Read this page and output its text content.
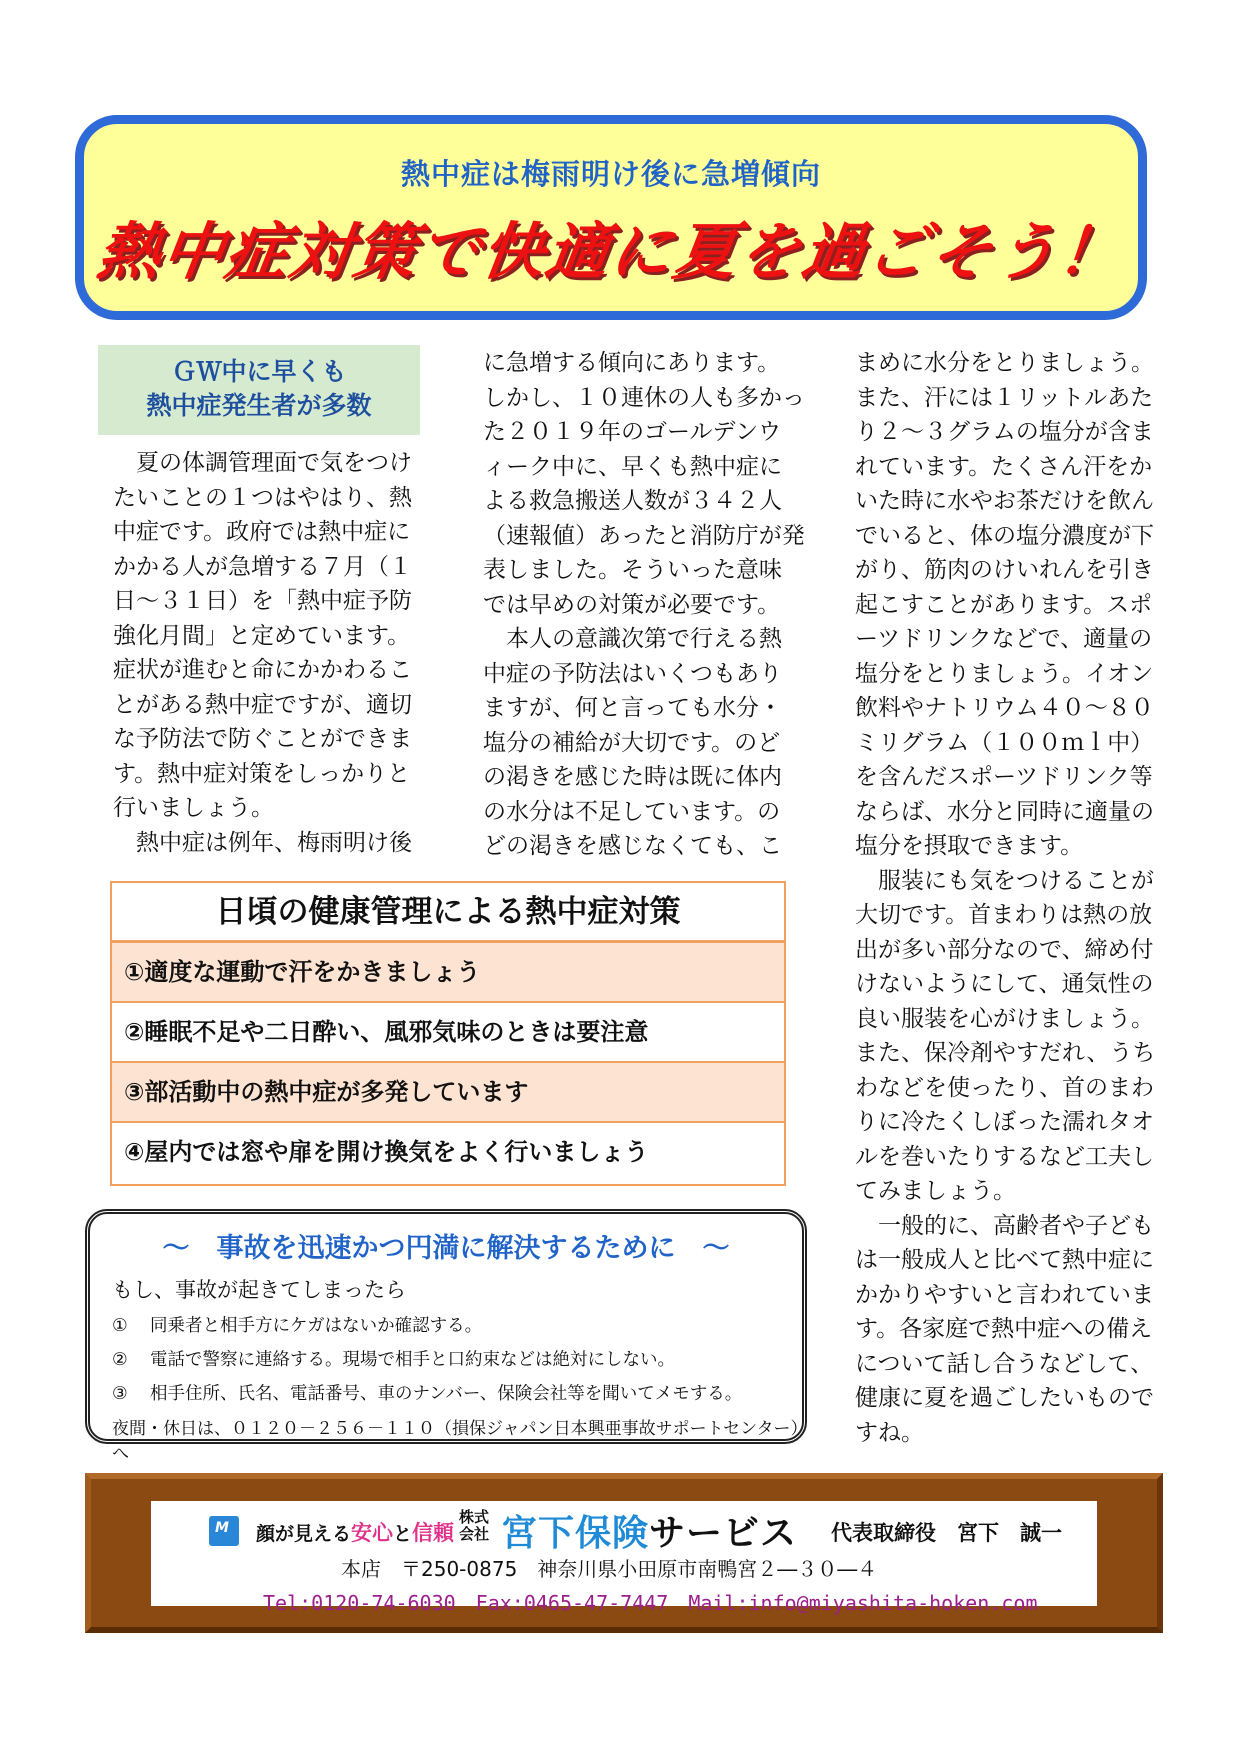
熱中症は梅雨明け後に急増傾向
熱中症対策で快適に夏を過ごそう！
ＧＷ中に早くも
熱中症発生者が多数
　夏の体調管理面で気をつけ
たいことの１つはやはり、熱
中症です。政府では熱中症に
かかる人が急増する７月（１
日～３１日）を「熱中症予防
強化月間」と定めています。
症状が進むと命にかかわるこ
とがある熱中症ですが、適切
な予防法で防ぐことができま
す。熱中症対策をしっかりと
行いましょう。
　熱中症は例年、梅雨明け後
に急増する傾向にあります。
しかし、１０連休の人も多かっ
た２０１９年のゴールデンウ
ィーク中に、早くも熱中症に
よる救急搬送人数が３４２人
（速報値）あったと消防庁が発
表しました。そういった意味
では早めの対策が必要です。
　本人の意識次第で行える熱
中症の予防法はいくつもあり
ますが、何と言っても水分・
塩分の補給が大切です。のど
の渇きを感じた時は既に体内
の水分は不足しています。の
どの渇きを感じなくても、こ
まめに水分をとりましょう。
また、汗には１リットルあた
り２～３グラムの塩分が含ま
れています。たくさん汗をか
いた時に水やお茶だけを飲ん
でいると、体の塩分濃度が下
がり、筋肉のけいれんを引き
起こすことがあります。スポ
ーツドリンクなどで、適量の
塩分をとりましょう。イオン
飲料やナトリウム４０～８０
ミリグラム（１００ｍｌ中）
を含んだスポーツドリンク等
ならば、水分と同時に適量の
塩分を摂取できます。
　服装にも気をつけることが
大切です。首まわりは熱の放
出が多い部分なので、締め付
けないようにして、通気性の
良い服装を心がけましょう。
また、保冷剤やすだれ、うち
わなどを使ったり、首のまわ
りに冷たくしぼった濡れタオ
ルを巻いたりするなど工夫し
てみましょう。
　一般的に、高齢者や子ども
は一般成人と比べて熱中症に
かかりやすいと言われていま
す。各家庭で熱中症への備え
について話し合うなどして、
健康に夏を過ごしたいもので
すね。
日頃の健康管理による熱中症対策
①適度な運動で汗をかきましょう
②睡眠不足や二日酔い、風邪気味のときは要注意
③部活動中の熱中症が多発しています
④屋内では窓や扉を開け換気をよく行いましょう
～　事故を迅速かつ円満に解決するために　～
もし、事故が起きてしまったら
① 同乗者と相手方にケガはないか確認する。
② 電話で警察に連絡する。現場で相手と口約束などは絶対にしない。
③ 相手住所、氏名、電話番号、車のナンバー、保険会社等を聞いてメモする。
夜間・休日は、０１２０－２５６－１１０（損保ジャパン日本興亜事故サポートセンター）へ
M 顔が見える安心と信頼
株式
会社 宮下保険サービス 代表取締役　宮下　誠一
本店　〒250-0875　神奈川県小田原市南鴨宮２―３０―４
Tel:0120-74-6030　Fax:0465-47-7447　Mail:info@miyashita-hoken.com
